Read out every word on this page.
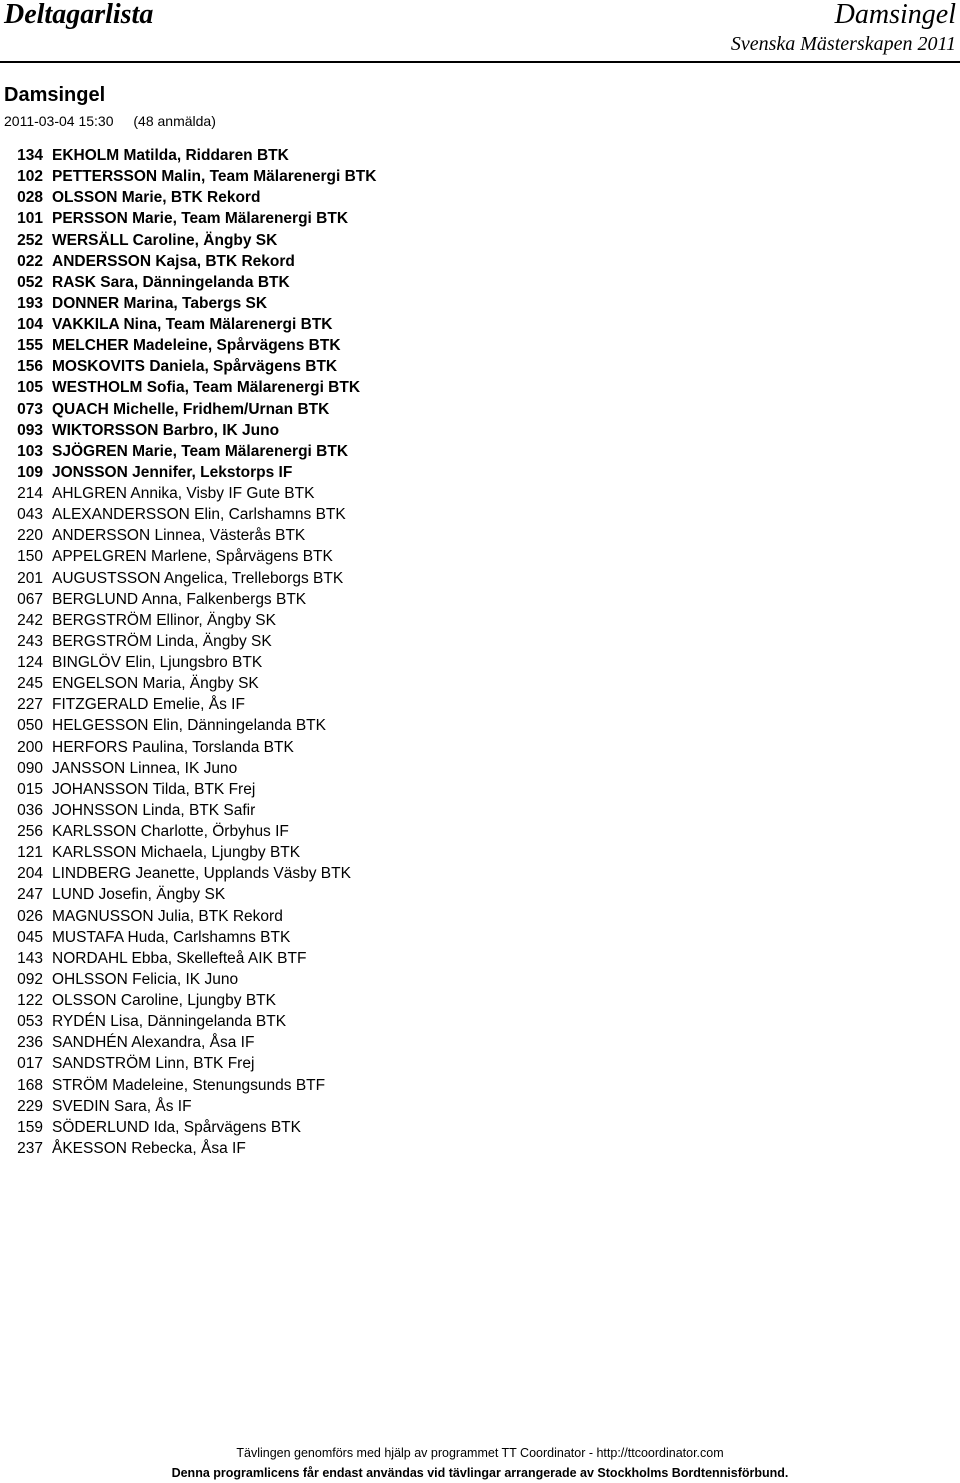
Deltagarlista	Damsingel
Svenska Mästerskapen 2011
Damsingel
2011-03-04 15:30 (48 anmälda)
134 EKHOLM Matilda, Riddaren BTK
102 PETTERSSON Malin, Team Mälarenergi BTK
028 OLSSON Marie, BTK Rekord
101 PERSSON Marie, Team Mälarenergi BTK
252 WERSÄLL Caroline, Ängby SK
022 ANDERSSON Kajsa, BTK Rekord
052 RASK Sara, Dänningelanda BTK
193 DONNER Marina, Tabergs SK
104 VAKKILA Nina, Team Mälarenergi BTK
155 MELCHER Madeleine, Spårvägens BTK
156 MOSKOVITS Daniela, Spårvägens BTK
105 WESTHOLM Sofia, Team Mälarenergi BTK
073 QUACH Michelle, Fridhem/Urnan BTK
093 WIKTORSSON Barbro, IK Juno
103 SJÖGREN Marie, Team Mälarenergi BTK
109 JONSSON Jennifer, Lekstorps IF
214 AHLGREN Annika, Visby IF Gute BTK
043 ALEXANDERSSON Elin, Carlshamns BTK
220 ANDERSSON Linnea, Västerås BTK
150 APPELGREN Marlene, Spårvägens BTK
201 AUGUSTSSON Angelica, Trelleborgs BTK
067 BERGLUND Anna, Falkenbergs BTK
242 BERGSTRÖM Ellinor, Ängby SK
243 BERGSTRÖM Linda, Ängby SK
124 BINGLÖV Elin, Ljungsbro BTK
245 ENGELSON Maria, Ängby SK
227 FITZGERALD Emelie, Ås IF
050 HELGESSON Elin, Dänningelanda BTK
200 HERFORS Paulina, Torslanda BTK
090 JANSSON Linnea, IK Juno
015 JOHANSSON Tilda, BTK Frej
036 JOHNSSON Linda, BTK Safir
256 KARLSSON Charlotte, Örbyhus IF
121 KARLSSON Michaela, Ljungby BTK
204 LINDBERG Jeanette, Upplands Väsby BTK
247 LUND Josefin, Ängby SK
026 MAGNUSSON Julia, BTK Rekord
045 MUSTAFA Huda, Carlshamns BTK
143 NORDAHL Ebba, Skellefteå AIK BTF
092 OHLSSON Felicia, IK Juno
122 OLSSON Caroline, Ljungby BTK
053 RYDÉN Lisa, Dänningelanda BTK
236 SANDHÉN Alexandra, Åsa IF
017 SANDSTRÖM Linn, BTK Frej
168 STRÖM Madeleine, Stenungsunds BTF
229 SVEDIN Sara, Ås IF
159 SÖDERLUND Ida, Spårvägens BTK
237 ÅKESSON Rebecka, Åsa IF
Tävlingen genomförs med hjälp av programmet TT Coordinator - http://ttcoordinator.com
Denna programlicens får endast användas vid tävlingar arrangerade av Stockholms Bordtennisförbund.
